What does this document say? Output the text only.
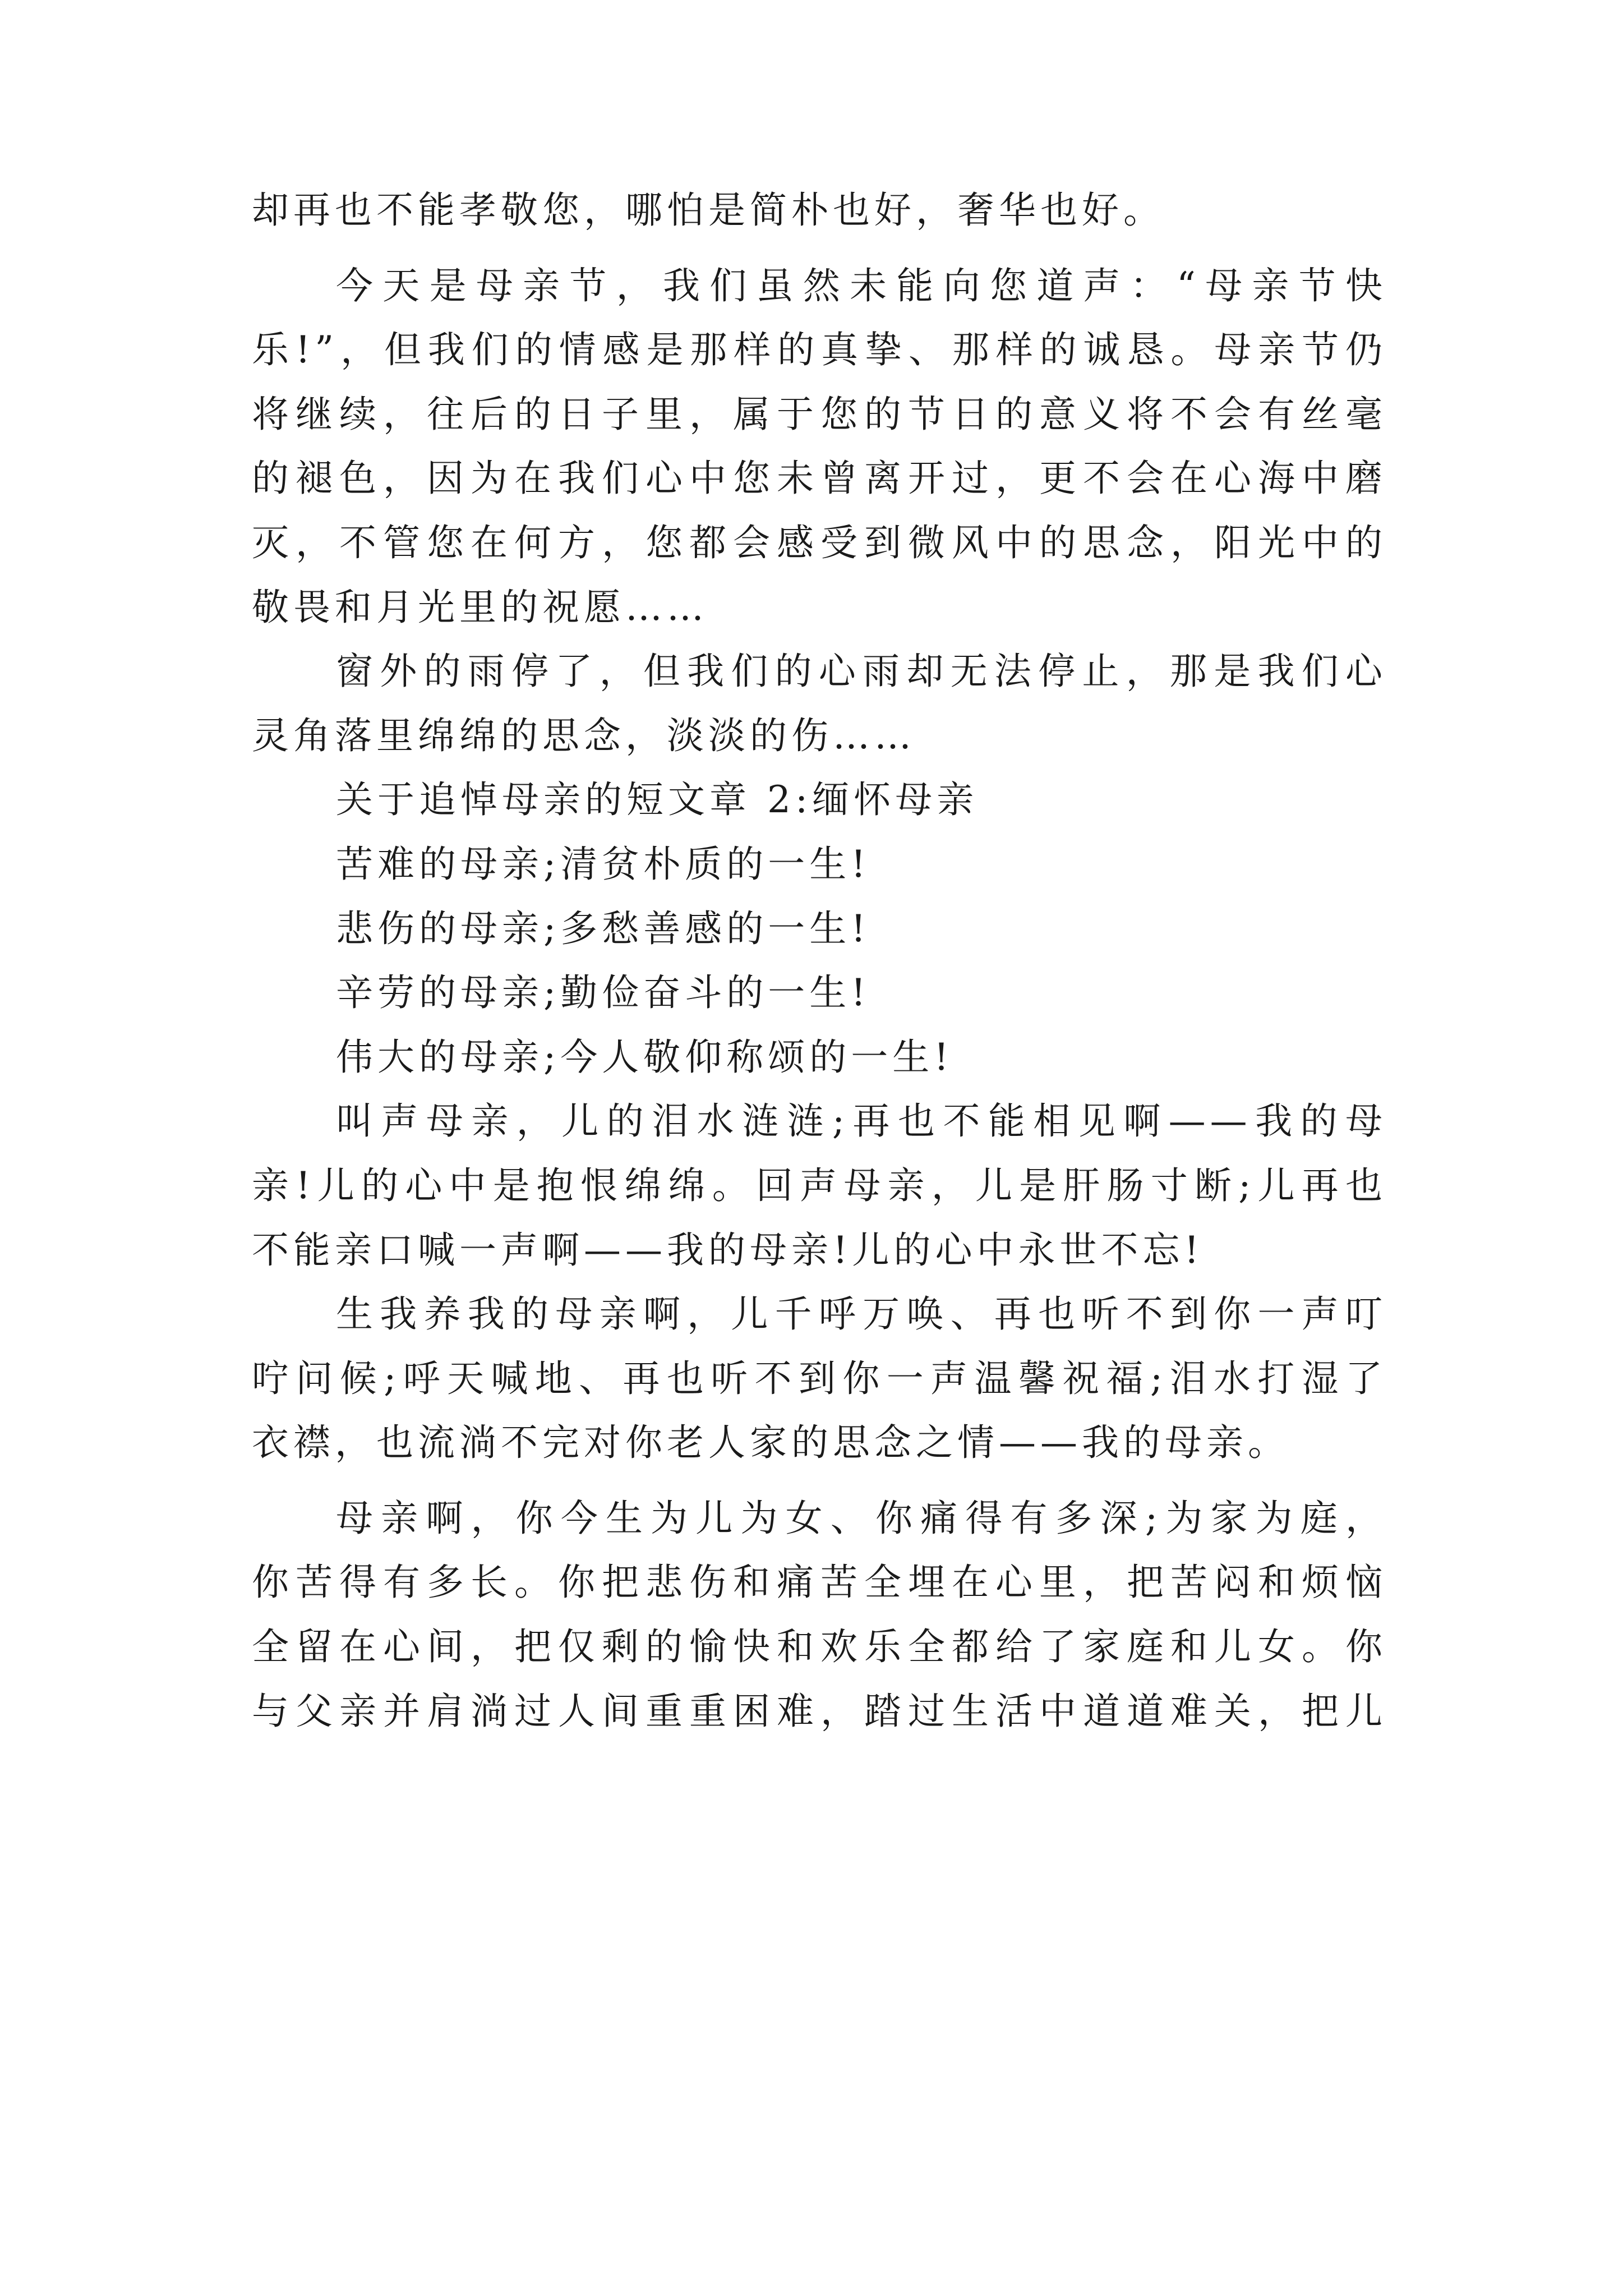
却再也不能孝敬您，哪怕是简朴也好，奢华也好。
今天是母亲节，我们虽然未能向您道声：“母亲节快
乐!”，但我们的情感是那样的真挚、那样的诚恳。母亲节仍
将继续，往后的日子里，属于您的节日的意义将不会有丝毫
的褪色，因为在我们心中您未曾离开过，更不会在心海中磨
灭，不管您在何方，您都会感受到微风中的思念，阳光中的
敬畏和月光里的祝愿……
窗外的雨停了，但我们的心雨却无法停止，那是我们心
灵角落里绵绵的思念，淡淡的伤……
关于追悼母亲的短文章 2:缅怀母亲
苦难的母亲;清贫朴质的一生!
悲伤的母亲;多愁善感的一生!
辛劳的母亲;勤俭奋斗的一生!
伟大的母亲;今人敬仰称颂的一生!
叫声母亲，儿的泪水涟涟;再也不能相见啊——我的母
亲!儿的心中是抱恨绵绵。回声母亲，儿是肝肠寸断;儿再也
不能亲口喊一声啊——我的母亲!儿的心中永世不忘!
生我养我的母亲啊，儿千呼万唤、再也听不到你一声叮
咛问候;呼天喊地、再也听不到你一声温馨祝福;泪水打湿了
衣襟，也流淌不完对你老人家的思念之情——我的母亲。
母亲啊，你今生为儿为女、你痛得有多深;为家为庭，
你苦得有多长。你把悲伤和痛苦全埋在心里，把苦闷和烦恼
全留在心间，把仅剩的愉快和欢乐全都给了家庭和儿女。你
与父亲并肩淌过人间重重困难，踏过生活中道道难关，把儿
